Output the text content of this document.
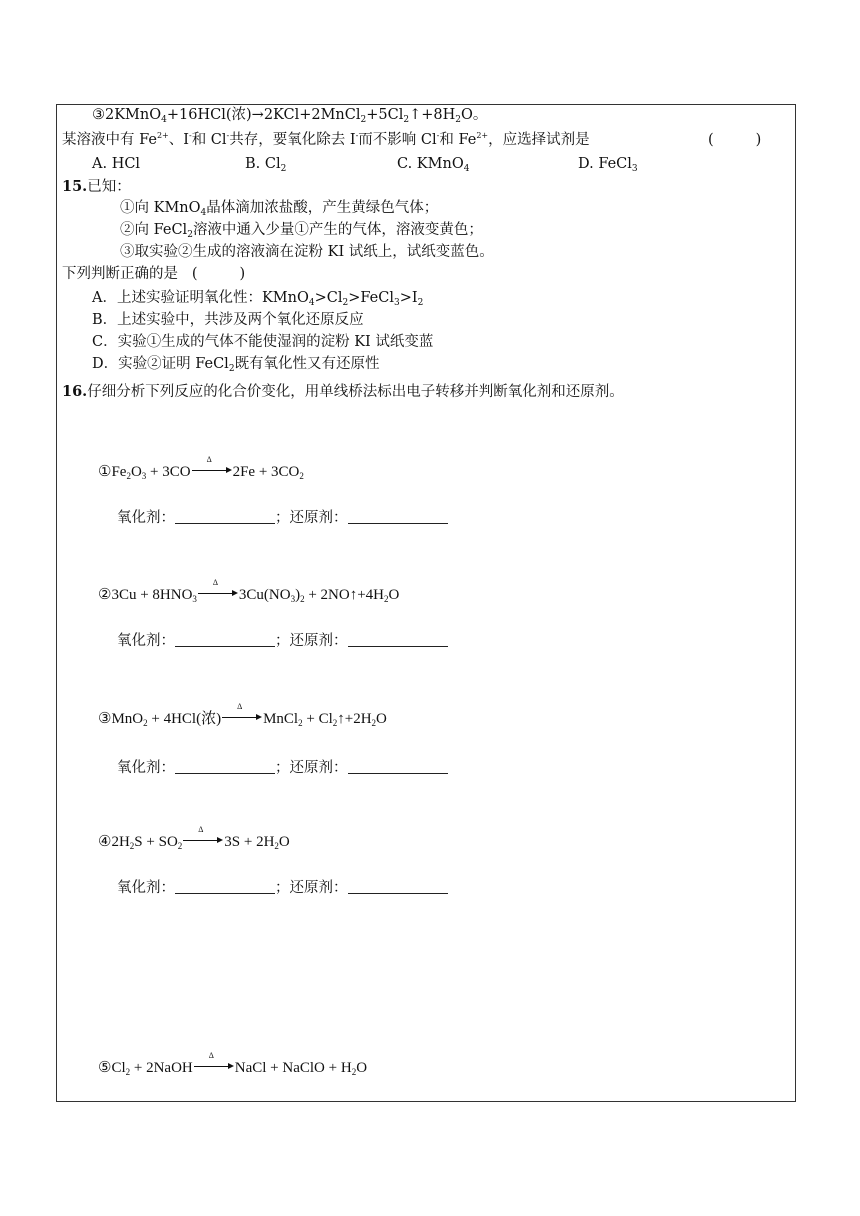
③2KMnO$_4$+16HCl(浓)$\to 2KCl+2MnCl_2+5Cl_2↑+8H_2O$。
某溶液中有 $Fe^{2+}$、I-和 Cl-共存，要氧化除去 I-而不影响 Cl-和 $Fe^{2+}$，应选择试剂是	(	)
A. HCl	B. $Cl_2$	C. KMnO$_4$	D. FeCl$_3$
15.已知：
①向 KMnO$_4$晶体滴加浓盐酸，产生黄绿色气体；
②向 FeCl$_2$溶液中通入少量①产生的气体，溶液变黄色；
③取实验②生成的溶液滴在淀粉 KI 试纸上，试纸变蓝色。
下列判断正确的是 (	)
A．上述实验证明氧化性：$KMnO_4>Cl_2>FeCl_3>I_2$
B．上述实验中，共涉及两个氧化还原反应
C．实验①生成的气体不能使湿润的淀粉 KI 试纸变蓝
D．实验②证明 FeCl$_2$既有氧化性又有还原性
16.仔细分析下列反应的化合价变化，用单线桥法标出电子转移并判断氧化剂和还原剂。
$①Fe_2O_3 + 3CO$
Δ
$2Fe + 3CO_2$
氧化剂：	；还原剂：
②3Cu + $8HNO_3$
Δ
$3Cu(NO_3)_2$ + $2NO↑+4H_2O$
氧化剂：	；还原剂：
③MnO$_2$ + 4HCl(浓)
Δ
MnCl$_2$ + $Cl_2↑+2H_2O$
氧化剂：	；还原剂：
$④2H_2S + SO_2$
Δ
$3S + 2H_2O$
氧化剂：	；还原剂：
$⑤Cl_2$ + 2NaOH
Δ
NaCl + NaClO + $H_2O$
